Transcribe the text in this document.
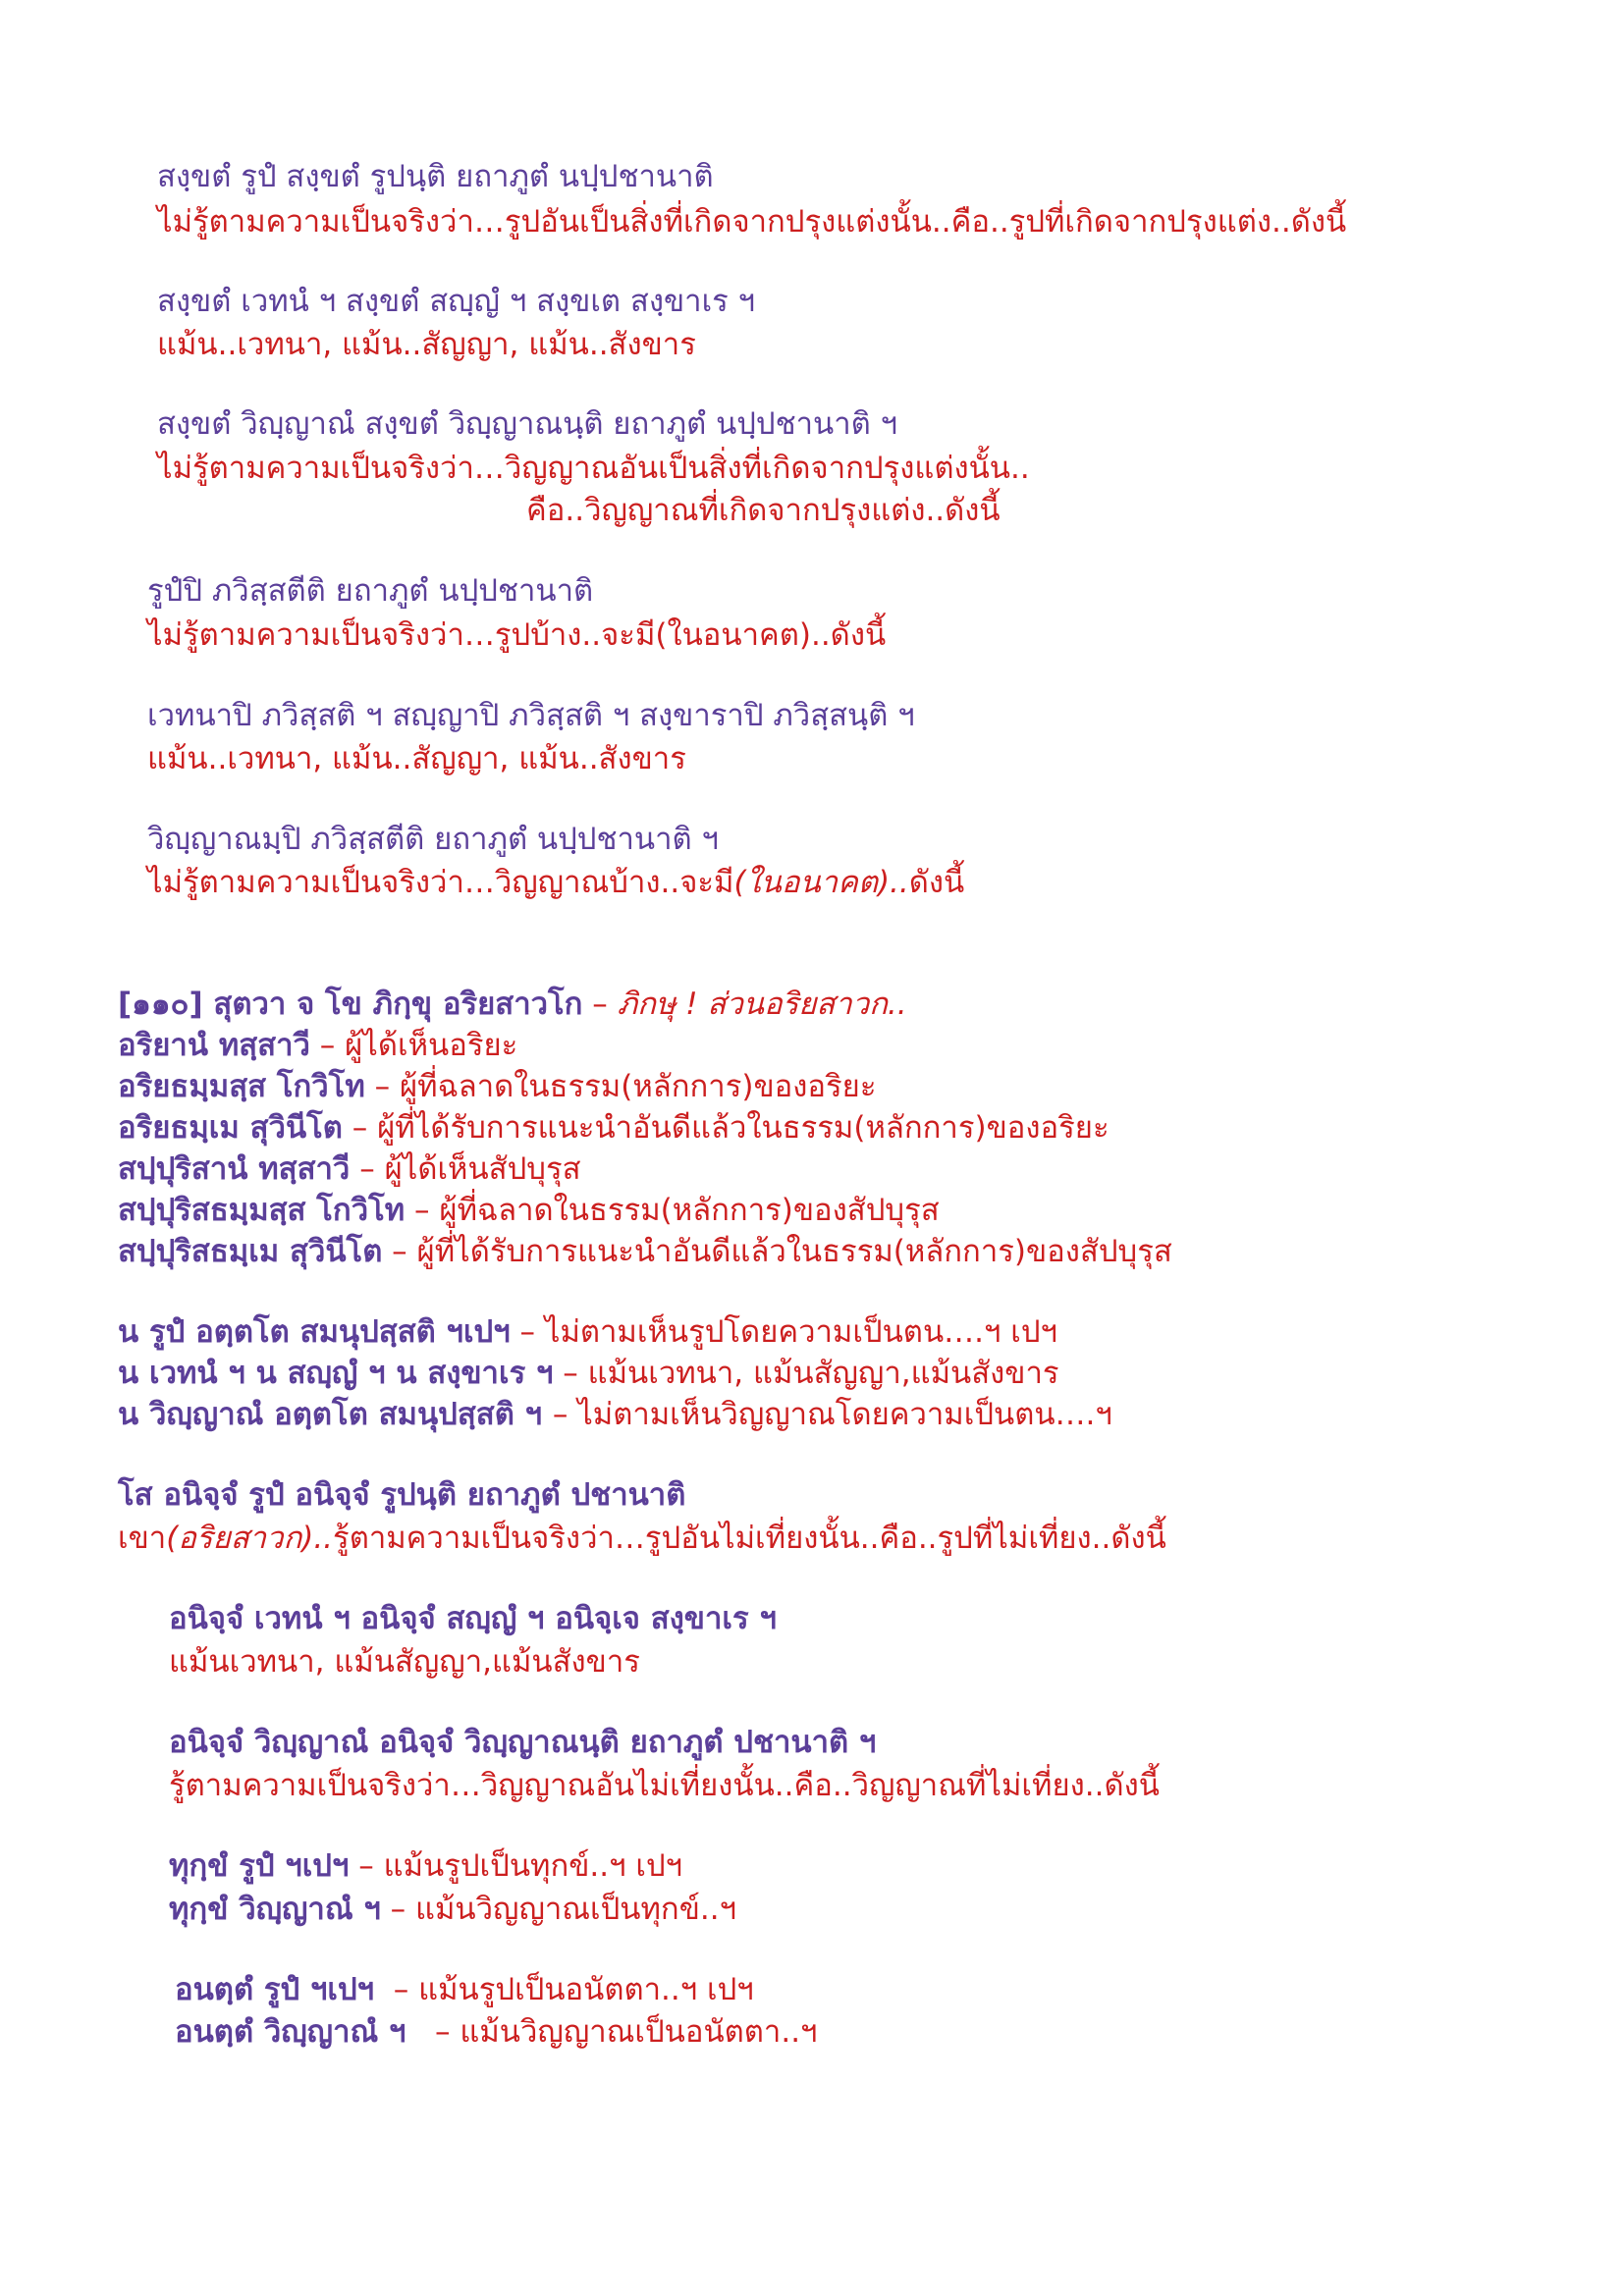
สงฺขตํ รูปํ สงฺขตํ รูปนฺติ ยถาภูตํ นปฺปชานาติ
ไม่รู้ตามความเป็นจริงว่า…รูปอันเป็นสิ่งที่เกิดจากปรุงแต่งนั้น..คือ..รูปที่เกิดจากปรุงแต่ง..ดังนี้
สงฺขตํ เวทนํ ฯ สงฺขตํ สญฺญํ ฯ สงฺขเต สงฺขาเร ฯ
แม้น..เวทนา, แม้น..สัญญา, แม้น..สังขาร
สงฺขตํ วิญฺญาณํ สงฺขตํ วิญฺญาณนฺติ ยถาภูตํ นปฺปชานาติ ฯ
ไม่รู้ตามความเป็นจริงว่า…วิญญาณอันเป็นสิ่งที่เกิดจากปรุงแต่งนั้น..
คือ..วิญญาณที่เกิดจากปรุงแต่ง..ดังนี้
รูปํปิ ภวิสฺสตีติ ยถาภูตํ นปฺปชานาติ
ไม่รู้ตามความเป็นจริงว่า…รูปบ้าง..จะมี(ในอนาคต)..ดังนี้
เวทนาปิ ภวิสฺสติ ฯ สญฺญาปิ ภวิสฺสติ ฯ สงฺขาราปิ ภวิสฺสนฺติ ฯ
แม้น..เวทนา, แม้น..สัญญา, แม้น..สังขาร
วิญฺญาณมฺปิ ภวิสฺสตีติ ยถาภูตํ นปฺปชานาติ ฯ
ไม่รู้ตามความเป็นจริงว่า…วิญญาณบ้าง..จะมี(ในอนาคต)..ดังนี้
[๑๑๐] สุตวา จ โข ภิกฺขุ อริยสาวโก – ภิกษุ ! ส่วนอริยสาวก..
อริยานํ ทสฺสาวี – ผู้ได้เห็นอริยะ
อริยธมฺมสฺส โกวิโท – ผู้ที่ฉลาดในธรรม(หลักการ)ของอริยะ
อริยธมฺเม สุวินีโต – ผู้ที่ได้รับการแนะนำอันดีแล้วในธรรม(หลักการ)ของอริยะ
สปฺปุริสานํ ทสฺสาวี – ผู้ได้เห็นสัปบุรุส
สปฺปุริสธมฺมสฺส โกวิโท – ผู้ที่ฉลาดในธรรม(หลักการ)ของสัปบุรุส
สปฺปุริสธมฺเม สุวินีโต – ผู้ที่ได้รับการแนะนำอันดีแล้วในธรรม(หลักการ)ของสัปบุรุส
น รูปํ อตฺตโต สมนุปสฺสติ ฯเปฯ – ไม่ตามเห็นรูปโดยความเป็นตน….ฯ เปฯ
น เวทนํ ฯ น สญฺญํ ฯ น สงฺขาเร ฯ – แม้นเวทนา, แม้นสัญญา,แม้นสังขาร
น วิญฺญาณํ อตฺตโต สมนุปสฺสติ ฯ – ไม่ตามเห็นวิญญาณโดยความเป็นตน….ฯ
โส อนิจฺจํ รูปํ อนิจฺจํ รูปนฺติ ยถาภูตํ ปชานาติ
เขา(อริยสาวก)..รู้ตามความเป็นจริงว่า…รูปอันไม่เที่ยงนั้น..คือ..รูปที่ไม่เที่ยง..ดังนี้
อนิจฺจํ เวทนํ ฯ อนิจฺจํ สญฺญํ ฯ อนิจฺเจ สงฺขาเร ฯ
แม้นเวทนา, แม้นสัญญา,แม้นสังขาร
อนิจฺจํ วิญฺญาณํ อนิจฺจํ วิญฺญาณนฺติ ยถาภูตํ ปชานาติ ฯ
รู้ตามความเป็นจริงว่า…วิญญาณอันไม่เที่ยงนั้น..คือ..วิญญาณที่ไม่เที่ยง..ดังนี้
ทุกฺขํ รูปํ ฯเปฯ – แม้นรูปเป็นทุกข์..ฯ เปฯ
ทุกฺขํ วิญฺญาณํ ฯ – แม้นวิญญาณเป็นทุกข์..ฯ
อนตฺตํ รูปํ ฯเปฯ  – แม้นรูปเป็นอนัตตา..ฯ เปฯ
อนตฺตํ วิญฺญาณํ ฯ   – แม้นวิญญาณเป็นอนัตตา..ฯ
